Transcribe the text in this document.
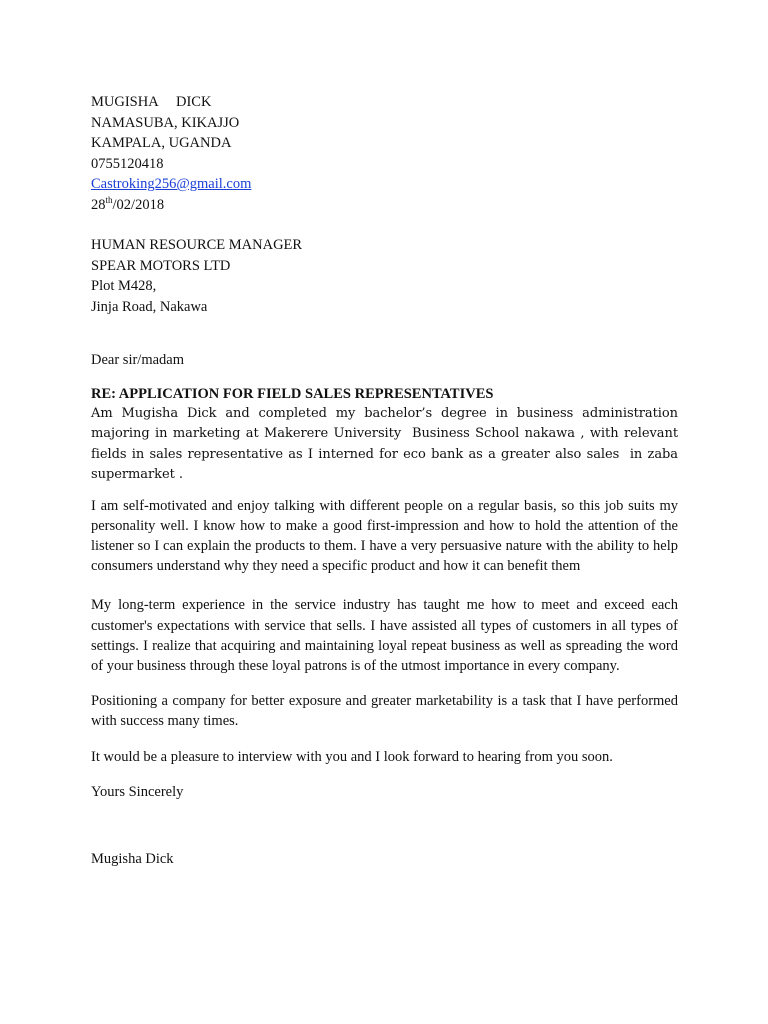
MUGISHA     DICK
NAMASUBA, KIKAJJO
KAMPALA, UGANDA
0755120418
Castroking256@gmail.com
28th/02/2018
HUMAN RESOURCE MANAGER
SPEAR MOTORS LTD
Plot M428,
Jinja Road, Nakawa
Dear sir/madam
RE: APPLICATION FOR FIELD SALES REPRESENTATIVES

Am Mugisha Dick and completed my bachelor’s degree in business administration majoring in marketing at Makerere University  Business School nakawa , with relevant fields in sales representative as I interned for eco bank as a greater also sales  in zaba supermarket .

I am self-motivated and enjoy talking with different people on a regular basis, so this job suits my personality well. I know how to make a good first-impression and how to hold the attention of the listener so I can explain the products to them. I have a very persuasive nature with the ability to help consumers understand why they need a specific product and how it can benefit them

My long-term experience in the service industry has taught me how to meet and exceed each customer's expectations with service that sells. I have assisted all types of customers in all types of settings. I realize that acquiring and maintaining loyal repeat business as well as spreading the word of your business through these loyal patrons is of the utmost importance in every company.

Positioning a company for better exposure and greater marketability is a task that I have performed with success many times.

It would be a pleasure to interview with you and I look forward to hearing from you soon.

Yours Sincerely
Mugisha Dick
